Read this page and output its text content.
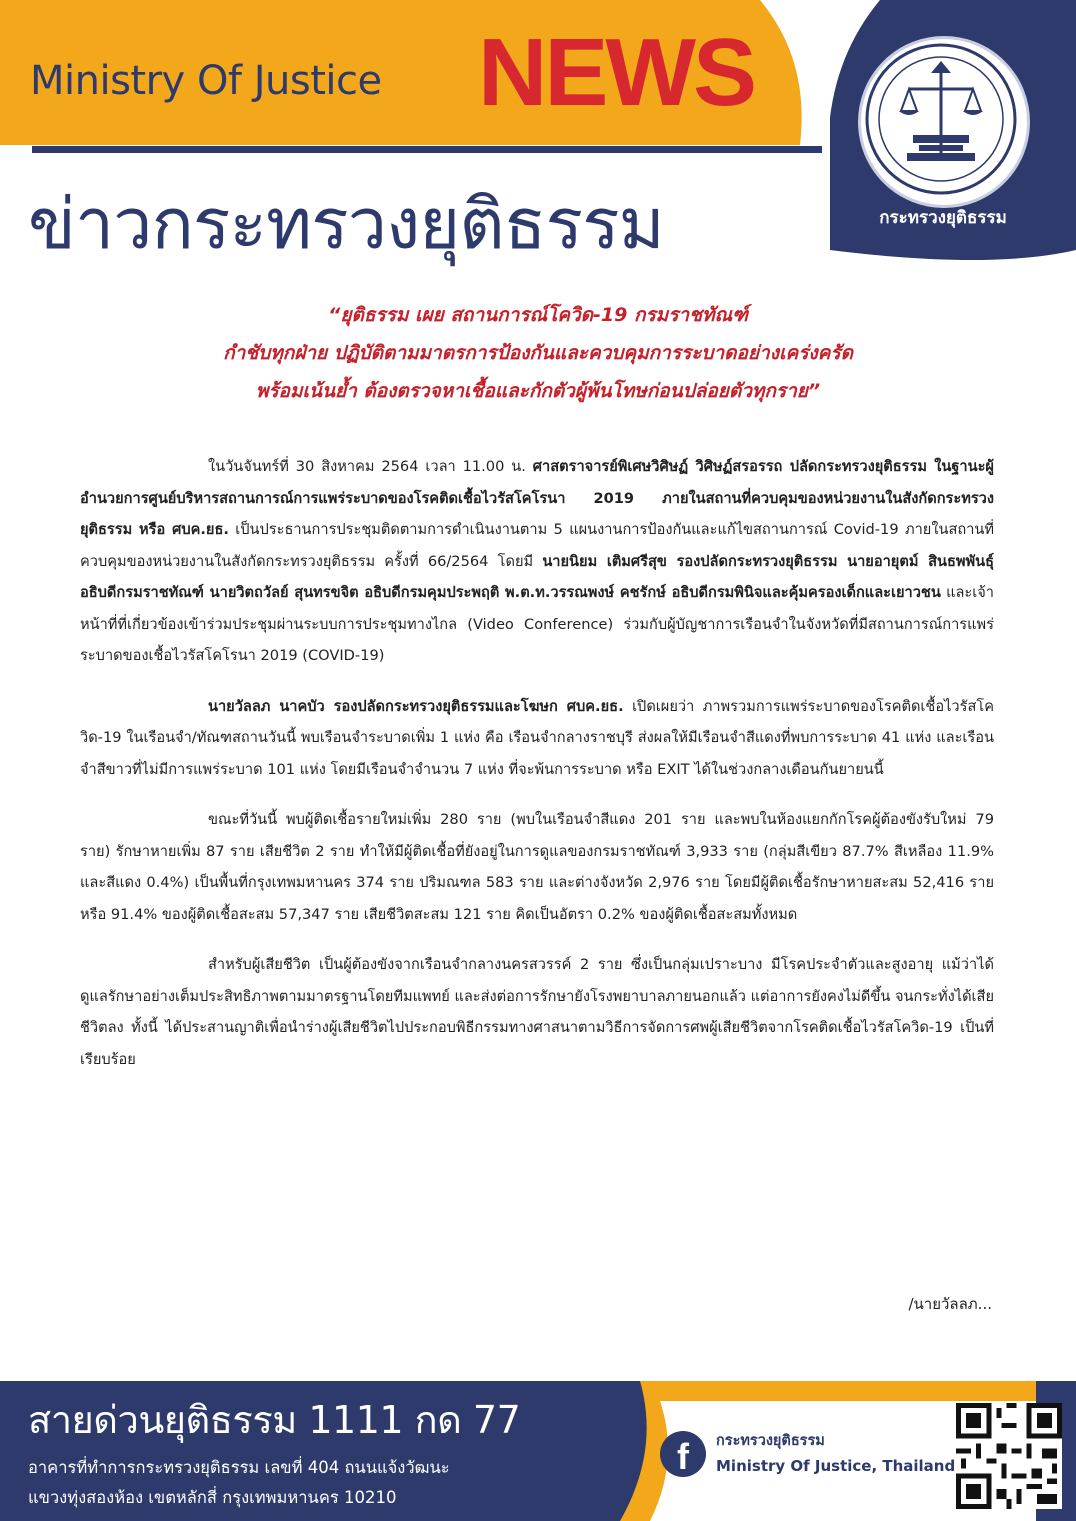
Ministry Of Justice NEWS
ข่าวกระทรวงยุติธรรม	กระทรวงยุติธรรม
“ยุติธรรม เผย สถานการณ์โควิด-19 กรมราชทัณฑ์
กำชับทุกฝ่าย ปฏิบัติตามมาตรการป้องกันและควบคุมการระบาดอย่างเคร่งครัด
พร้อมเน้นย้ำ ต้องตรวจหาเชื้อและกักตัวผู้พ้นโทษก่อนปล่อยตัวทุกราย”

ในวันจันทร์ที่ 30 สิงหาคม 2564 เวลา 11.00 น. ศาสตราจารย์พิเศษวิศิษฏ์ วิศิษฏ์สรอรรถ ปลัดกระทรวงยุติธรรม ในฐานะผู้อำนวยการศูนย์บริหารสถานการณ์การแพร่ระบาดของโรคติดเชื้อไวรัสโคโรนา 2019 ภายในสถานที่ควบคุมของหน่วยงานในสังกัดกระทรวงยุติธรรม หรือ ศบค.ยธ. เป็นประธานการประชุมติดตามการดำเนินงานตาม 5 แผนงานการป้องกันและแก้ไขสถานการณ์ Covid-19 ภายในสถานที่ควบคุมของหน่วยงานในสังกัดกระทรวงยุติธรรม ครั้งที่ 66/2564 โดยมี นายนิยม เติมศรีสุข รองปลัดกระทรวงยุติธรรม นายอายุตม์ สินธพพันธุ์ อธิบดีกรมราชทัณฑ์ นายวิตถวัลย์ สุนทรขจิต อธิบดีกรมคุมประพฤติ พ.ต.ท.วรรณพงษ์ คชรักษ์ อธิบดีกรมพินิจและคุ้มครองเด็กและเยาวชน และเจ้าหน้าที่ที่เกี่ยวข้องเข้าร่วมประชุมผ่านระบบการประชุมทางไกล (Video Conference) ร่วมกับผู้บัญชาการเรือนจำในจังหวัดที่มีสถานการณ์การแพร่ระบาดของเชื้อไวรัสโคโรนา 2019 (COVID-19)

นายวัลลภ นาคบัว รองปลัดกระทรวงยุติธรรมและโฆษก ศบค.ยธ. เปิดเผยว่า ภาพรวมการแพร่ระบาดของโรคติดเชื้อไวรัสโควิด-19 ในเรือนจำ/ทัณฑสถานวันนี้ พบเรือนจำระบาดเพิ่ม 1 แห่ง คือ เรือนจำกลางราชบุรี ส่งผลให้มีเรือนจำสีแดงที่พบการระบาด 41 แห่ง และเรือนจำสีขาวที่ไม่มีการแพร่ระบาด 101 แห่ง โดยมีเรือนจำจำนวน 7 แห่ง ที่จะพ้นการระบาด หรือ EXIT ได้ในช่วงกลางเดือนกันยายนนี้

ขณะที่วันนี้ พบผู้ติดเชื้อรายใหม่เพิ่ม 280 ราย (พบในเรือนจำสีแดง 201 ราย และพบในห้องแยกกักโรคผู้ต้องขังรับใหม่ 79 ราย) รักษาหายเพิ่ม 87 ราย เสียชีวิต 2 ราย ทำให้มีผู้ติดเชื้อที่ยังอยู่ในการดูแลของกรมราชทัณฑ์ 3,933 ราย (กลุ่มสีเขียว 87.7% สีเหลือง 11.9% และสีแดง 0.4%) เป็นพื้นที่กรุงเทพมหานคร 374 ราย ปริมณฑล 583 ราย และต่างจังหวัด 2,976 ราย โดยมีผู้ติดเชื้อรักษาหายสะสม 52,416 ราย หรือ 91.4% ของผู้ติดเชื้อสะสม 57,347 ราย เสียชีวิตสะสม 121 ราย คิดเป็นอัตรา 0.2% ของผู้ติดเชื้อสะสมทั้งหมด

สำหรับผู้เสียชีวิต เป็นผู้ต้องขังจากเรือนจำกลางนครสวรรค์ 2 ราย ซึ่งเป็นกลุ่มเปราะบาง มีโรคประจำตัวและสูงอายุ แม้ว่าได้ดูแลรักษาอย่างเต็มประสิทธิภาพตามมาตรฐานโดยทีมแพทย์ และส่งต่อการรักษายังโรงพยาบาลภายนอกแล้ว แต่อาการยังคงไม่ดีขึ้น จนกระทั่งได้เสียชีวิตลง ทั้งนี้ ได้ประสานญาติเพื่อนำร่างผู้เสียชีวิตไปประกอบพิธีกรรมทางศาสนาตามวิธีการจัดการศพผู้เสียชีวิตจากโรคติดเชื้อไวรัสโควิด-19 เป็นที่เรียบร้อย

/นายวัลลภ...
สายด่วนยุติธรรม 1111 กด 77
อาคารที่ทำการกระทรวงยุติธรรม เลขที่ 404 ถนนแจ้งวัฒนะ
แขวงทุ่งสองห้อง เขตหลักสี่ กรุงเทพมหานคร 10210
f	กระทรวงยุติธรรม
Ministry Of Justice, Thailand
